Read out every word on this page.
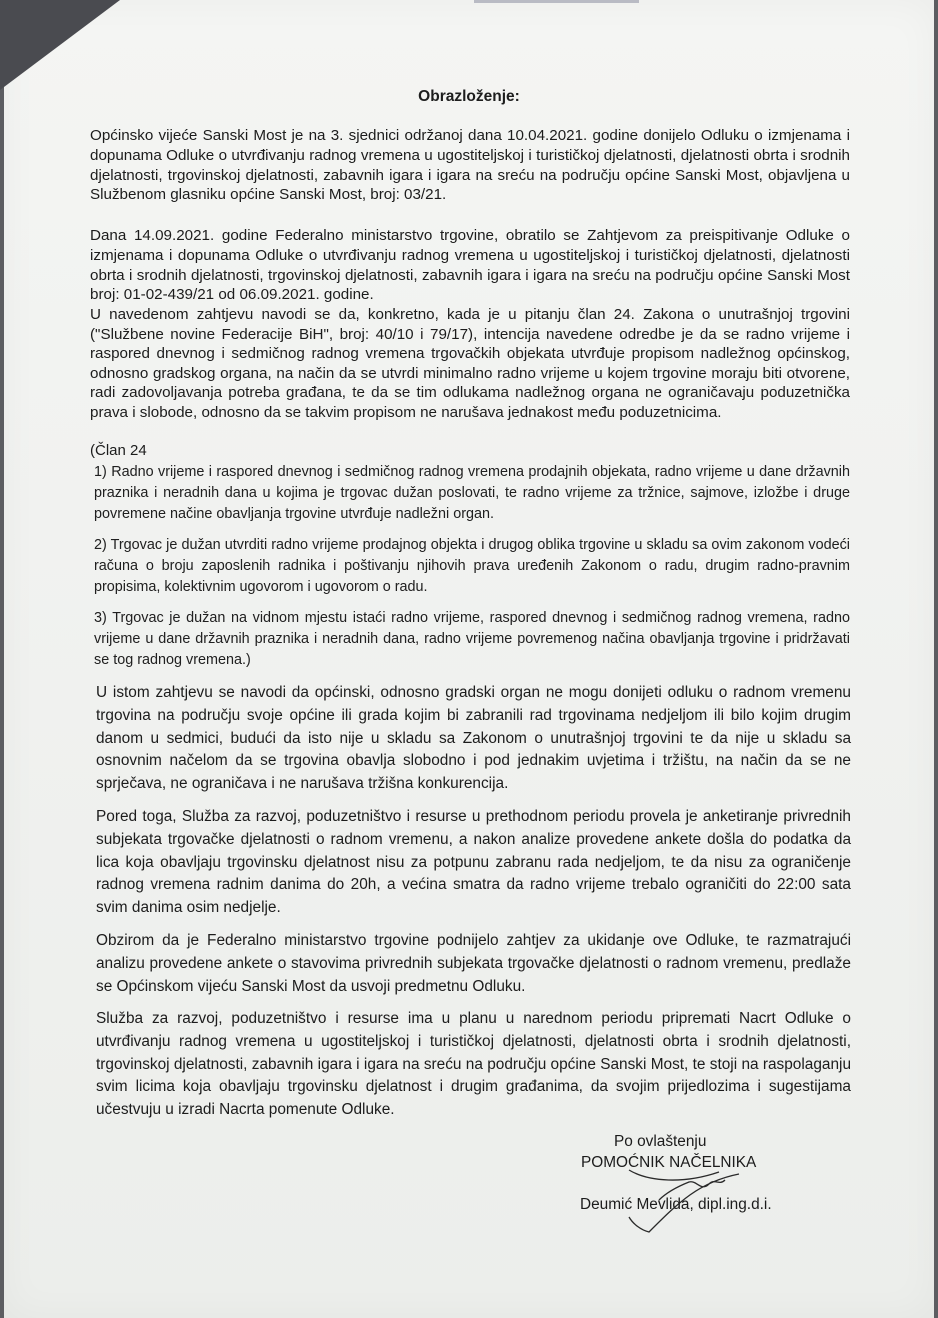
Obrazloženje:

Općinsko vijeće Sanski Most je na 3. sjednici održanoj dana 10.04.2021. godine donijelo Odluku o izmjenama i dopunama Odluke o utvrđivanju radnog vremena u ugostiteljskoj i turističkoj djelatnosti, djelatnosti obrta i srodnih djelatnosti, trgovinskoj djelatnosti, zabavnih igara i igara na sreću na području općine Sanski Most, objavljena u Službenom glasniku općine Sanski Most, broj: 03/21.

Dana 14.09.2021. godine Federalno ministarstvo trgovine, obratilo se Zahtjevom za preispitivanje Odluke o izmjenama i dopunama Odluke o utvrđivanju radnog vremena u ugostiteljskoj i turističkoj djelatnosti, djelatnosti obrta i srodnih djelatnosti, trgovinskoj djelatnosti, zabavnih igara i igara na sreću na području općine Sanski Most broj: 01-02-439/21 od 06.09.2021. godine.

U navedenom zahtjevu navodi se da, konkretno, kada je u pitanju član 24. Zakona o unutrašnjoj trgovini ("Službene novine Federacije BiH", broj: 40/10 i 79/17), intencija navedene odredbe je da se radno vrijeme i raspored dnevnog i sedmičnog radnog vremena trgovačkih objekata utvrđuje propisom nadležnog općinskog, odnosno gradskog organa, na način da se utvrdi minimalno radno vrijeme u kojem trgovine moraju biti otvorene, radi zadovoljavanja potreba građana, te da se tim odlukama nadležnog organa ne ograničavaju poduzetnička prava i slobode, odnosno da se takvim propisom ne narušava jednakost među poduzetnicima.

(Član 24

1) Radno vrijeme i raspored dnevnog i sedmičnog radnog vremena prodajnih objekata, radno vrijeme u dane državnih praznika i neradnih dana u kojima je trgovac dužan poslovati, te radno vrijeme za tržnice, sajmove, izložbe i druge povremene načine obavljanja trgovine utvrđuje nadležni organ.

2) Trgovac je dužan utvrditi radno vrijeme prodajnog objekta i drugog oblika trgovine u skladu sa ovim zakonom vodeći računa o broju zaposlenih radnika i poštivanju njihovih prava uređenih Zakonom o radu, drugim radno-pravnim propisima, kolektivnim ugovorom i ugovorom o radu.

3) Trgovac je dužan na vidnom mjestu istaći radno vrijeme, raspored dnevnog i sedmičnog radnog vremena, radno vrijeme u dane državnih praznika i neradnih dana, radno vrijeme povremenog načina obavljanja trgovine i pridržavati se tog radnog vremena.)

U istom zahtjevu se navodi da općinski, odnosno gradski organ ne mogu donijeti odluku o radnom vremenu trgovina na području svoje općine ili grada kojim bi zabranili rad trgovinama nedjeljom ili bilo kojim drugim danom u sedmici, budući da isto nije u skladu sa Zakonom o unutrašnjoj trgovini te da nije u skladu sa osnovnim načelom da se trgovina obavlja slobodno i pod jednakim uvjetima i tržištu, na način da se ne sprječava, ne ograničava i ne narušava tržišna konkurencija.

Pored toga, Služba za razvoj, poduzetništvo i resurse u prethodnom periodu provela je anketiranje privrednih subjekata trgovačke djelatnosti o radnom vremenu, a nakon analize provedene ankete došla do podatka da lica koja obavljaju trgovinsku djelatnost nisu za potpunu zabranu rada nedjeljom, te da nisu za ograničenje radnog vremena radnim danima do 20h, a većina smatra da radno vrijeme trebalo ograničiti do 22:00 sata svim danima osim nedjelje.

Obzirom da je Federalno ministarstvo trgovine podnijelo zahtjev za ukidanje ove Odluke, te razmatrajući analizu provedene ankete o stavovima privrednih subjekata trgovačke djelatnosti o radnom vremenu, predlaže se Općinskom vijeću Sanski Most da usvoji predmetnu Odluku.

Služba za razvoj, poduzetništvo i resurse ima u planu u narednom periodu pripremati Nacrt Odluke o utvrđivanju radnog vremena u ugostiteljskoj i turističkoj djelatnosti, djelatnosti obrta i srodnih djelatnosti, trgovinskoj djelatnosti, zabavnih igara i igara na sreću na području općine Sanski Most, te stoji na raspolaganju svim licima koja obavljaju trgovinsku djelatnost i drugim građanima, da svojim prijedlozima i sugestijama učestvuju u izradi Nacrta pomenute Odluke.

Po ovlaštenju
POMOĆNIK NAČELNIKA
Deumić Mevlida, dipl.ing.d.i.
